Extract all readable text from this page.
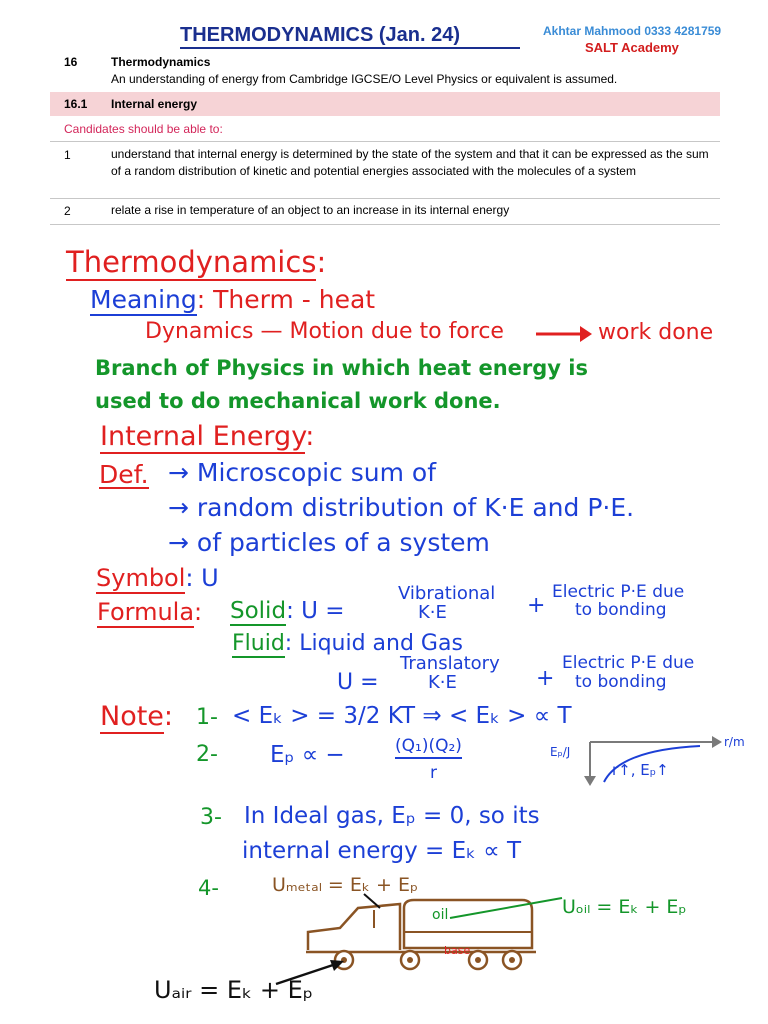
THERMODYNAMICS (Jan. 24)	Akhtar Mahmood 0333 4281759
SALT Academy
16	Thermodynamics
An understanding of energy from Cambridge IGCSE/O Level Physics or equivalent is assumed.
16.1 Internal energy
Candidates should be able to:
1	understand that internal energy is determined by the state of the system and that it can be expressed as the sum of a random distribution of kinetic and potential energies associated with the molecules of a system
2	relate a rise in temperature of an object to an increase in its internal energy
Thermodynamics:
Meaning: Therm - heat
Dynamics — Motion due to force	work done
Branch of Physics in which heat energy is
used to do mechanical work done.
Internal Energy:
Def. → Microscopic sum of
→ random distribution of K·E and P·E.
→ of particles of a system
Symbol: U
Formula: Solid: U =
Vibrational
K·E	+
Electric P·E due
to bonding
Fluid: Liquid and Gas
U =
Translatory
K·E	+
Electric P·E due
to bonding
Note: 1- < Eₖ > = 3/2 KT ⇒ < Eₖ > ∝ T
2- Eₚ ∝ −	(Q₁)(Q₂)
r
Eₚ/J
r/m
r↑, Eₚ↑
3- In Ideal gas, Eₚ = 0, so its
internal energy = Eₖ ∝ T
4-	Uₘₑₜₐₗ = Eₖ + Eₚ
oil
base
Uₒᵢₗ = Eₖ + Eₚ
Uₐᵢᵣ = Eₖ + Eₚ
